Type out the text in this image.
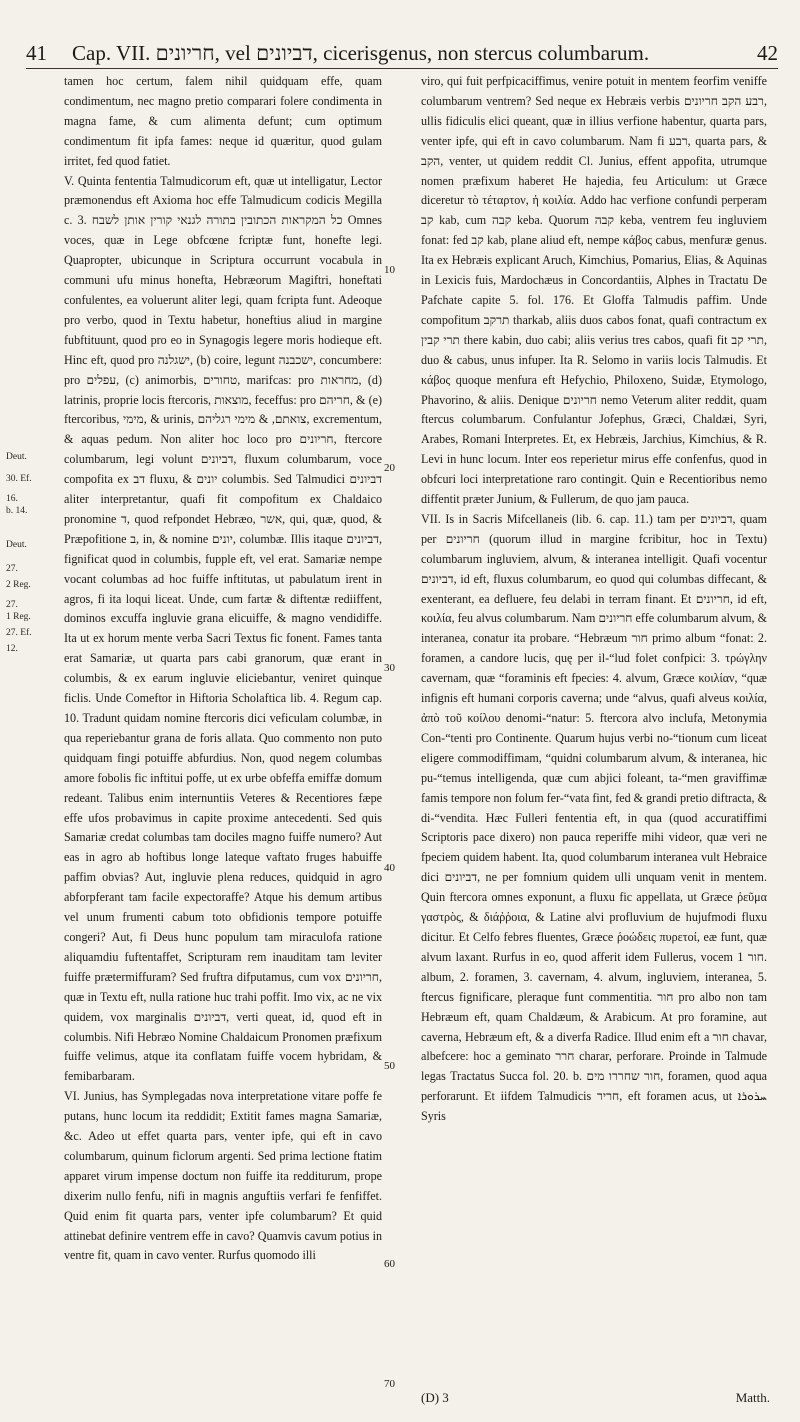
41 Cap. VII. חריונים, vel דביונים, cicerisgenus, non stercus columbarum.	42
Deut.
30. Ef.
16.
b. 14.
Deut.
27.
2 Reg.
27.
1 Reg.
27. Ef.
12.

tamen hoc certum, falem nihil quidquam effe, quam condimentum, nec magno pretio comparari folere condimenta in magna fame, & cum alimenta defunt; cum optimum condimentum fit ipfa fames: neque id quæritur, quod gulam irritet, fed quod fatiet.

V. Quinta fententia Talmudicorum eft, quæ ut intelligatur, Lector præmonendus eft Axioma hoc effe Talmudicum codicis Megilla c. 3. כל המקראות הכתובין בתורה לגנאי קורין אותן לשבח Omnes voces, quæ in Lege obfcœne fcriptæ funt, honefte legi. Quapropter, ubicunque in Scriptura occurrunt vocabula in communi ufu minus honefta, Hebræorum Magiftri, honeftati confulentes, ea voluerunt aliter legi, quam fcripta funt. Adeoque pro verbo, quod in Textu habetur, honeftius aliud in margine fubftituunt, quod pro eo in Synagogis legere moris hodieque eft. Hinc eft, quod pro ישגלנה, (b) coire, legunt ישכבנה, concumbere: pro עפלים, (c) animorbis, טחורים, marifcas: pro מחראות, (d) latrinis, proprie locis ftercoris, מוצאות, feceffus: pro חריהם, & (e) ftercoribus, מימי, & urinis, צואתם, & מימי רגליהם, excrementum, & aquas pedum. Non aliter hoc loco pro חריונים, ftercore columbarum, legi volunt דביונים, fluxum columbarum, voce compofita ex דב fluxu, & יונים columbis. Sed Talmudici דביונים aliter interpretantur, quafi fit compofitum ex Chaldaico pronomine ד, quod refpondet Hebræo, אשר, qui, quæ, quod, & Præpofitione ב, in, & nomine יונים, columbæ. Illis itaque דביונים, fignificat quod in columbis, fupple eft, vel erat. Samariæ nempe vocant columbas ad hoc fuiffe inftitutas, ut pabulatum irent in agros, fi ita loqui liceat. Unde, cum fartæ & diftentæ rediiffent, dominos excuffa ingluvie grana elicuiffe, & magno vendidiffe. Ita ut ex horum mente verba Sacri Textus fic fonent. Fames tanta erat Samariæ, ut quarta pars cabi granorum, quæ erant in columbis, & ex earum ingluvie eliciebantur, veniret quinque ficlis. Unde Comeftor in Hiftoria Scholaftica lib. 4. Regum cap. 10. Tradunt quidam nomine ftercoris dici veficulam columbæ, in qua reperiebantur grana de foris allata. Quo commento non puto quidquam fingi potuiffe abfurdius. Non, quod negem columbas amore fobolis fic inftitui poffe, ut ex urbe obfeffa emiffæ domum redeant. Talibus enim internuntiis Veteres & Recentiores fæpe effe ufos probavimus in capite proxime antecedenti. Sed quis Samariæ credat columbas tam dociles magno fuiffe numero? Aut eas in agro ab hoftibus longe lateque vaftato fruges habuiffe paffim obvias? Aut, ingluvie plena reduces, quidquid in agro abforpferant tam facile expectoraffe? Atque his demum artibus vel unum frumenti cabum toto obfidionis tempore potuiffe congeri? Aut, fi Deus hunc populum tam miraculofa ratione aliquamdiu fuftentaffet, Scripturam rem inauditam tam leviter fuiffe prætermiffuram? Sed fruftra difputamus, cum vox חריונים, quæ in Textu eft, nulla ratione huc trahi poffit. Imo vix, ac ne vix quidem, vox marginalis דביונים, verti queat, id, quod eft in columbis. Nifi Hebræo Nomine Chaldaicum Pronomen præfixum fuiffe velimus, atque ita conflatam fuiffe vocem hybridam, & femibarbaram.

VI. Junius, has Symplegadas nova interpretatione vitare poffe fe putans, hunc locum ita reddidit; Extitit fames magna Samariæ, &c. Adeo ut effet quarta pars, venter ipfe, qui eft in cavo columbarum, quinum ficlorum argenti. Sed prima lectione ftatim apparet virum impense doctum non fuiffe ita redditurum, prope dixerim nullo fenfu, nifi in magnis anguftiis verfari fe fenfiffet. Quid enim fit quarta pars, venter ipfe columbarum? Et quid attinebat definire ventrem effe in cavo? Quamvis cavum potius in ventre fit, quam in cavo venter. Rurfus quomodo illi

10
20
30
40
50
60
70

viro, qui fuit perfpicaciffimus, venire potuit in mentem feorfim veniffe columbarum ventrem? Sed neque ex Hebræis verbis רבע הקב חריונים, ullis fidiculis elici queant, quæ in illius verfione habentur, quarta pars, venter ipfe, qui eft in cavo columbarum. Nam fi רבע, quarta pars, & הקב, venter, ut quidem reddit Cl. Junius, effent appofita, utrumque nomen præfixum haberet He hajedia, feu Articulum: ut Græce diceretur τὸ τέταρτον, ἡ κοιλία. Addo hac verfione confundi perperam קב kab, cum קבה keba. Quorum קבה keba, ventrem feu ingluviem fonat: fed קב kab, plane aliud eft, nempe κάβος cabus, menfuræ genus. Ita ex Hebræis explicant Aruch, Kimchius, Pomarius, Elias, & Aquinas in Lexicis fuis, Mardochæus in Concordantiis, Alphes in Tractatu De Pafchate capite 5. fol. 176. Et Gloffa Talmudis paffim. Unde compofitum תרקב tharkab, aliis duos cabos fonat, quafi contractum ex תרי קבין there kabin, duo cabi; aliis verius tres cabos, quafi fit תרי קב, duo & cabus, unus infuper. Ita R. Selomo in variis locis Talmudis. Et κάβος quoque menfura eft Hefychio, Philoxeno, Suidæ, Etymologo, Phavorino, & aliis. Denique חריונים nemo Veterum aliter reddit, quam ftercus columbarum. Confulantur Jofephus, Græci, Chaldæi, Syri, Arabes, Romani Interpretes. Et, ex Hebræis, Jarchius, Kimchius, & R. Levi in hunc locum. Inter eos reperietur mirus effe confenfus, quod in obfcuri loci interpretatione raro contingit. Quin e Recentioribus nemo diffentit præter Junium, & Fullerum, de quo jam pauca.

VII. Is in Sacris Mifcellaneis (lib. 6. cap. 11.) tam per דביונים, quam per חריונים (quorum illud in margine fcribitur, hoc in Textu) columbarum ingluviem, alvum, & interanea intelligit. Quafi vocentur דביונים, id eft, fluxus columbarum, eo quod qui columbas diffecant, & exenterant, ea defluere, feu delabi in terram finant. Et חריונים, id eft, κοιλία, feu alvus columbarum. Nam חריונים effe columbarum alvum, & interanea, conatur ita probare. “Hebræum חור primo album “fonat: 2. foramen, a candore lucis, quę per il-“lud folet confpici: 3. τρώγλην cavernam, quæ “foraminis eft fpecies: 4. alvum, Græce κοιλίαν, “quæ infignis eft humani corporis caverna; unde “alvus, quafi alveus κοιλία, ἀπὸ τοῦ κοίλου denomi-“natur: 5. ftercora alvo inclufa, Metonymia Con-“tenti pro Continente. Quarum hujus verbi no-“tionum cum liceat eligere commodiffimam, “quidni columbarum alvum, & interanea, hic pu-“temus intelligenda, quæ cum abjici foleant, ta-“men graviffimæ famis tempore non folum fer-“vata fint, fed & grandi pretio diftracta, & di-“vendita. Hæc Fulleri fententia eft, in qua (quod accuratiffimi Scriptoris pace dixero) non pauca reperiffe mihi videor, quæ veri ne fpeciem quidem habent. Ita, quod columbarum interanea vult Hebraice dici דביונים, ne per fomnium quidem ulli unquam venit in mentem. Quin ftercora omnes exponunt, a fluxu fic appellata, ut Græce ῥεῦμα γαστρὸς, & διάῤῥοια, & Latine alvi profluvium de hujufmodi fluxu dicitur. Et Celfo febres fluentes, Græce ῥοώδεις πυρετοί, eæ funt, quæ alvum laxant. Rurfus in eo, quod afferit idem Fullerus, vocem חור 1. album, 2. foramen, 3. cavernam, 4. alvum, ingluviem, interanea, 5. ftercus fignificare, pleraque funt commentitia. חור pro albo non tam Hebræum eft, quam Chaldæum, & Arabicum. At pro foramine, aut caverna, Hebræum eft, & a diverfa Radice. Illud enim eft a חור chavar, albefcere: hoc a geminato חרר charar, perforare. Proinde in Talmude legas Tractatus Succa fol. 20. b. חור שחררו מים, foramen, quod aqua perforarunt. Et iifdem Talmudicis חריר, eft foramen acus, ut ܚܪܘܪܐ Syris

(D) 3	Matth.
